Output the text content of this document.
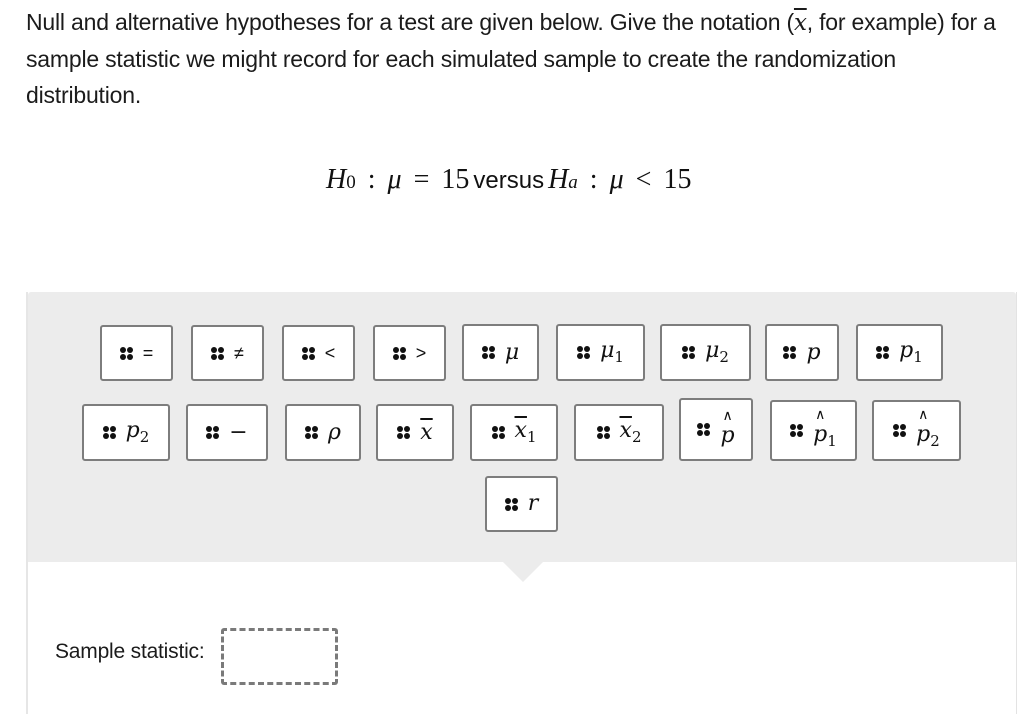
Null and alternative hypotheses for a test are given below. Give the notation ($\overline{x}$, for example) for a sample statistic we might record for each simulated sample to create the randomization distribution.
H 0 : μ = 15 versus H a : μ < 15
=	≠	<	>	μ	$\mu_1$	$\mu_2$	p	$p_1$
$p_2$	−	ρ	$\overline{x}$	$\overline{x}_1$	$\overline{x}_2$
∧
p
∧
$p_1$
∧
$p_2$
r
Sample statistic:
